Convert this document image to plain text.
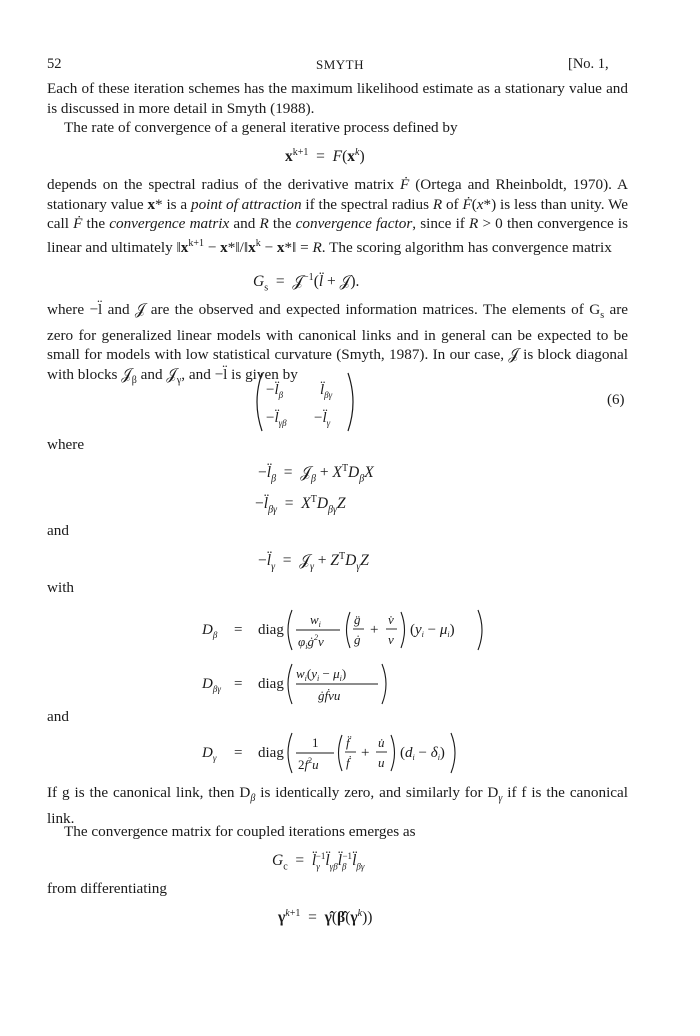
52	SMYTH	[No. 1,

Each of these iteration schemes has the maximum likelihood estimate as a stationary value and is discussed in more detail in Smyth (1988).

The rate of convergence of a general iterative process defined by

$x^{k+1} = F(x^k)$

depends on the spectral radius of the derivative matrix Ḟ (Ortega and Rheinboldt, 1970). A stationary value x* is a point of attraction if the spectral radius R of Ḟ(x*) is less than unity. We call Ḟ the convergence matrix and R the convergence factor, since if R > 0 then convergence is linear and ultimately $‖x^{k+1}$ − $x*‖/‖x^k$ − x*‖ = R. The scoring algorithm has convergence matrix

$G_s$  =  𝒥$^{-1}$(l̈ + 𝒥).

where −l̈ and 𝒥 are the observed and expected information matrices. The elements of $G_s$ are zero for generalized linear models with canonical links and in general can be expected to be small for models with low statistical curvature (Smyth, 1987). In our case, 𝒥 is block diagonal with blocks 𝒥$_\beta$ and 𝒥$_\gamma$, and −l̈ is given by

$-l̈_\beta$ $l̈_{\beta\gamma}$
$-l̈_{\gamma\beta}$ $-l̈_\gamma$
(6)
where
$-l̈_\beta$  =  𝒥$_\beta$ + $X^TD_\beta X$
$-l̈_{\beta\gamma} = X^TD_{\beta\gamma}Z$
and
$-l̈_\gamma$  =  𝒥$_\gamma$ + $Z^TD_\gamma Z$
with
$D_\beta$ = diag
$w_i$
$\varphi_iġ^2v$
g̈
ġ
+
v̇
v
$(y_i - \mu_i)$
$D_{\beta\gamma}$ = diag
$w_i(y_i - \mu_i)$
ġḟvu
and
$D_\gamma$ = diag
1
$2f^2u$
f̈
ḟ
+
u̇
u
$(d_i - \delta_i)$

If g is the canonical link, then $D_\beta$ is identically zero, and similarly for $D_\gamma$ if f is the canonical link.

The convergence matrix for coupled iterations emerges as

$G_c$  =  $l̈_\gamma^{-1}l̈_{\gamma\beta}l̈_\beta^{-1}l̈_{\beta\gamma}$
from differentiating
$\gamma^{k+1}$  =  $\gammâ(\betâ(\gamma^k))$
